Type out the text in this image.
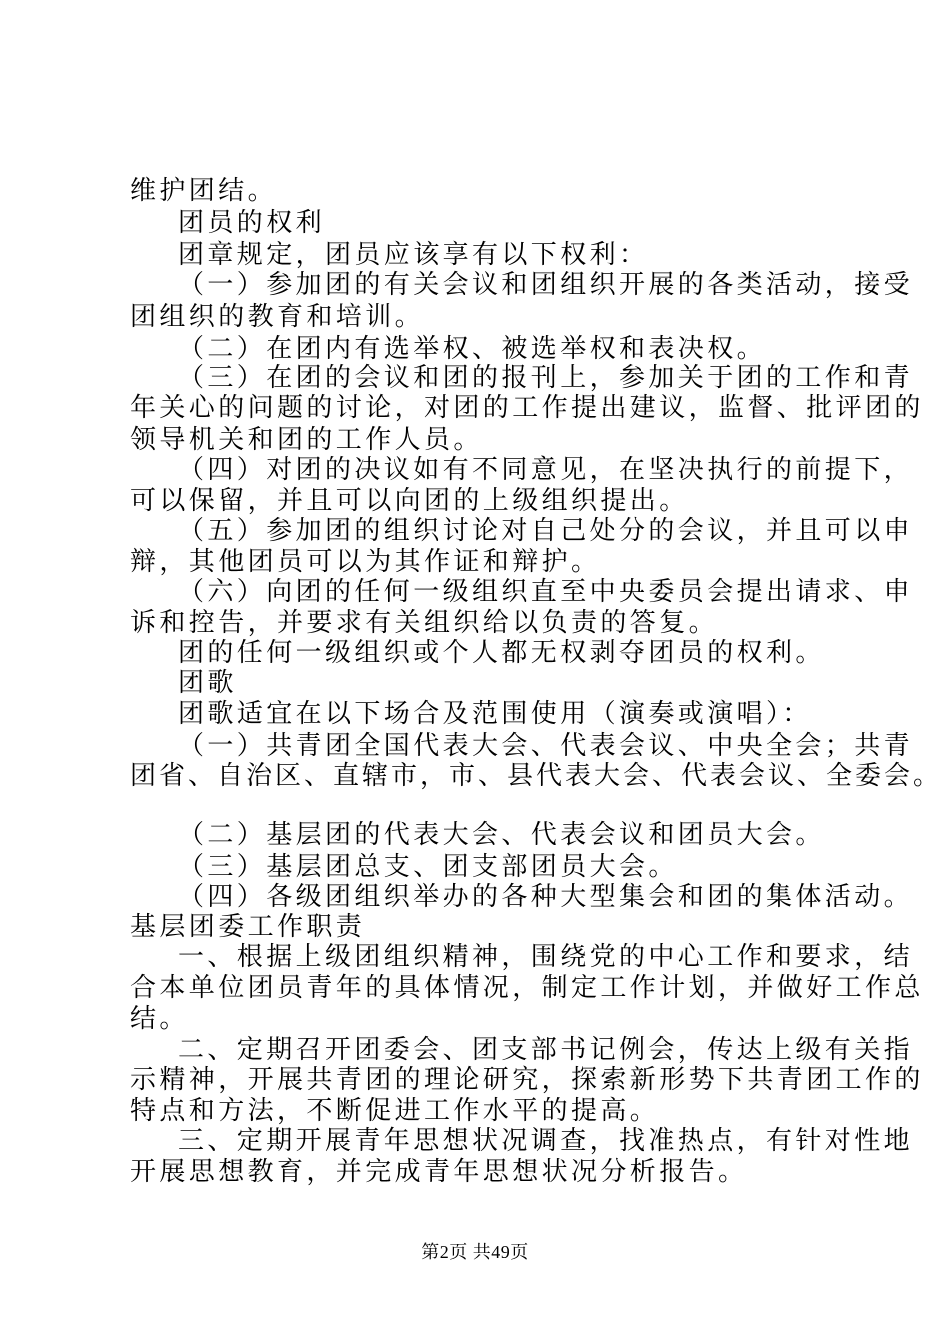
维护团结。
团员的权利
团章规定，团员应该享有以下权利：
（一）参加团的有关会议和团组织开展的各类活动，接受
团组织的教育和培训。
（二）在团内有选举权、被选举权和表决权。
（三）在团的会议和团的报刊上，参加关于团的工作和青
年关心的问题的讨论，对团的工作提出建议，监督、批评团的
领导机关和团的工作人员。
（四）对团的决议如有不同意见，在坚决执行的前提下，
可以保留，并且可以向团的上级组织提出。
（五）参加团的组织讨论对自己处分的会议，并且可以申
辩，其他团员可以为其作证和辩护。
（六）向团的任何一级组织直至中央委员会提出请求、申
诉和控告，并要求有关组织给以负责的答复。
团的任何一级组织或个人都无权剥夺团员的权利。
团歌
团歌适宜在以下场合及范围使用（演奏或演唱）：
（一）共青团全国代表大会、代表会议、中央全会；共青
团省、自治区、直辖市，市、县代表大会、代表会议、全委会。
（二）基层团的代表大会、代表会议和团员大会。
（三）基层团总支、团支部团员大会。
（四）各级团组织举办的各种大型集会和团的集体活动。
基层团委工作职责
一、根据上级团组织精神，围绕党的中心工作和要求，结
合本单位团员青年的具体情况，制定工作计划，并做好工作总
结。
二、定期召开团委会、团支部书记例会，传达上级有关指
示精神，开展共青团的理论研究，探索新形势下共青团工作的
特点和方法，不断促进工作水平的提高。
三、定期开展青年思想状况调查，找准热点，有针对性地
开展思想教育，并完成青年思想状况分析报告。
第2页 共49页
